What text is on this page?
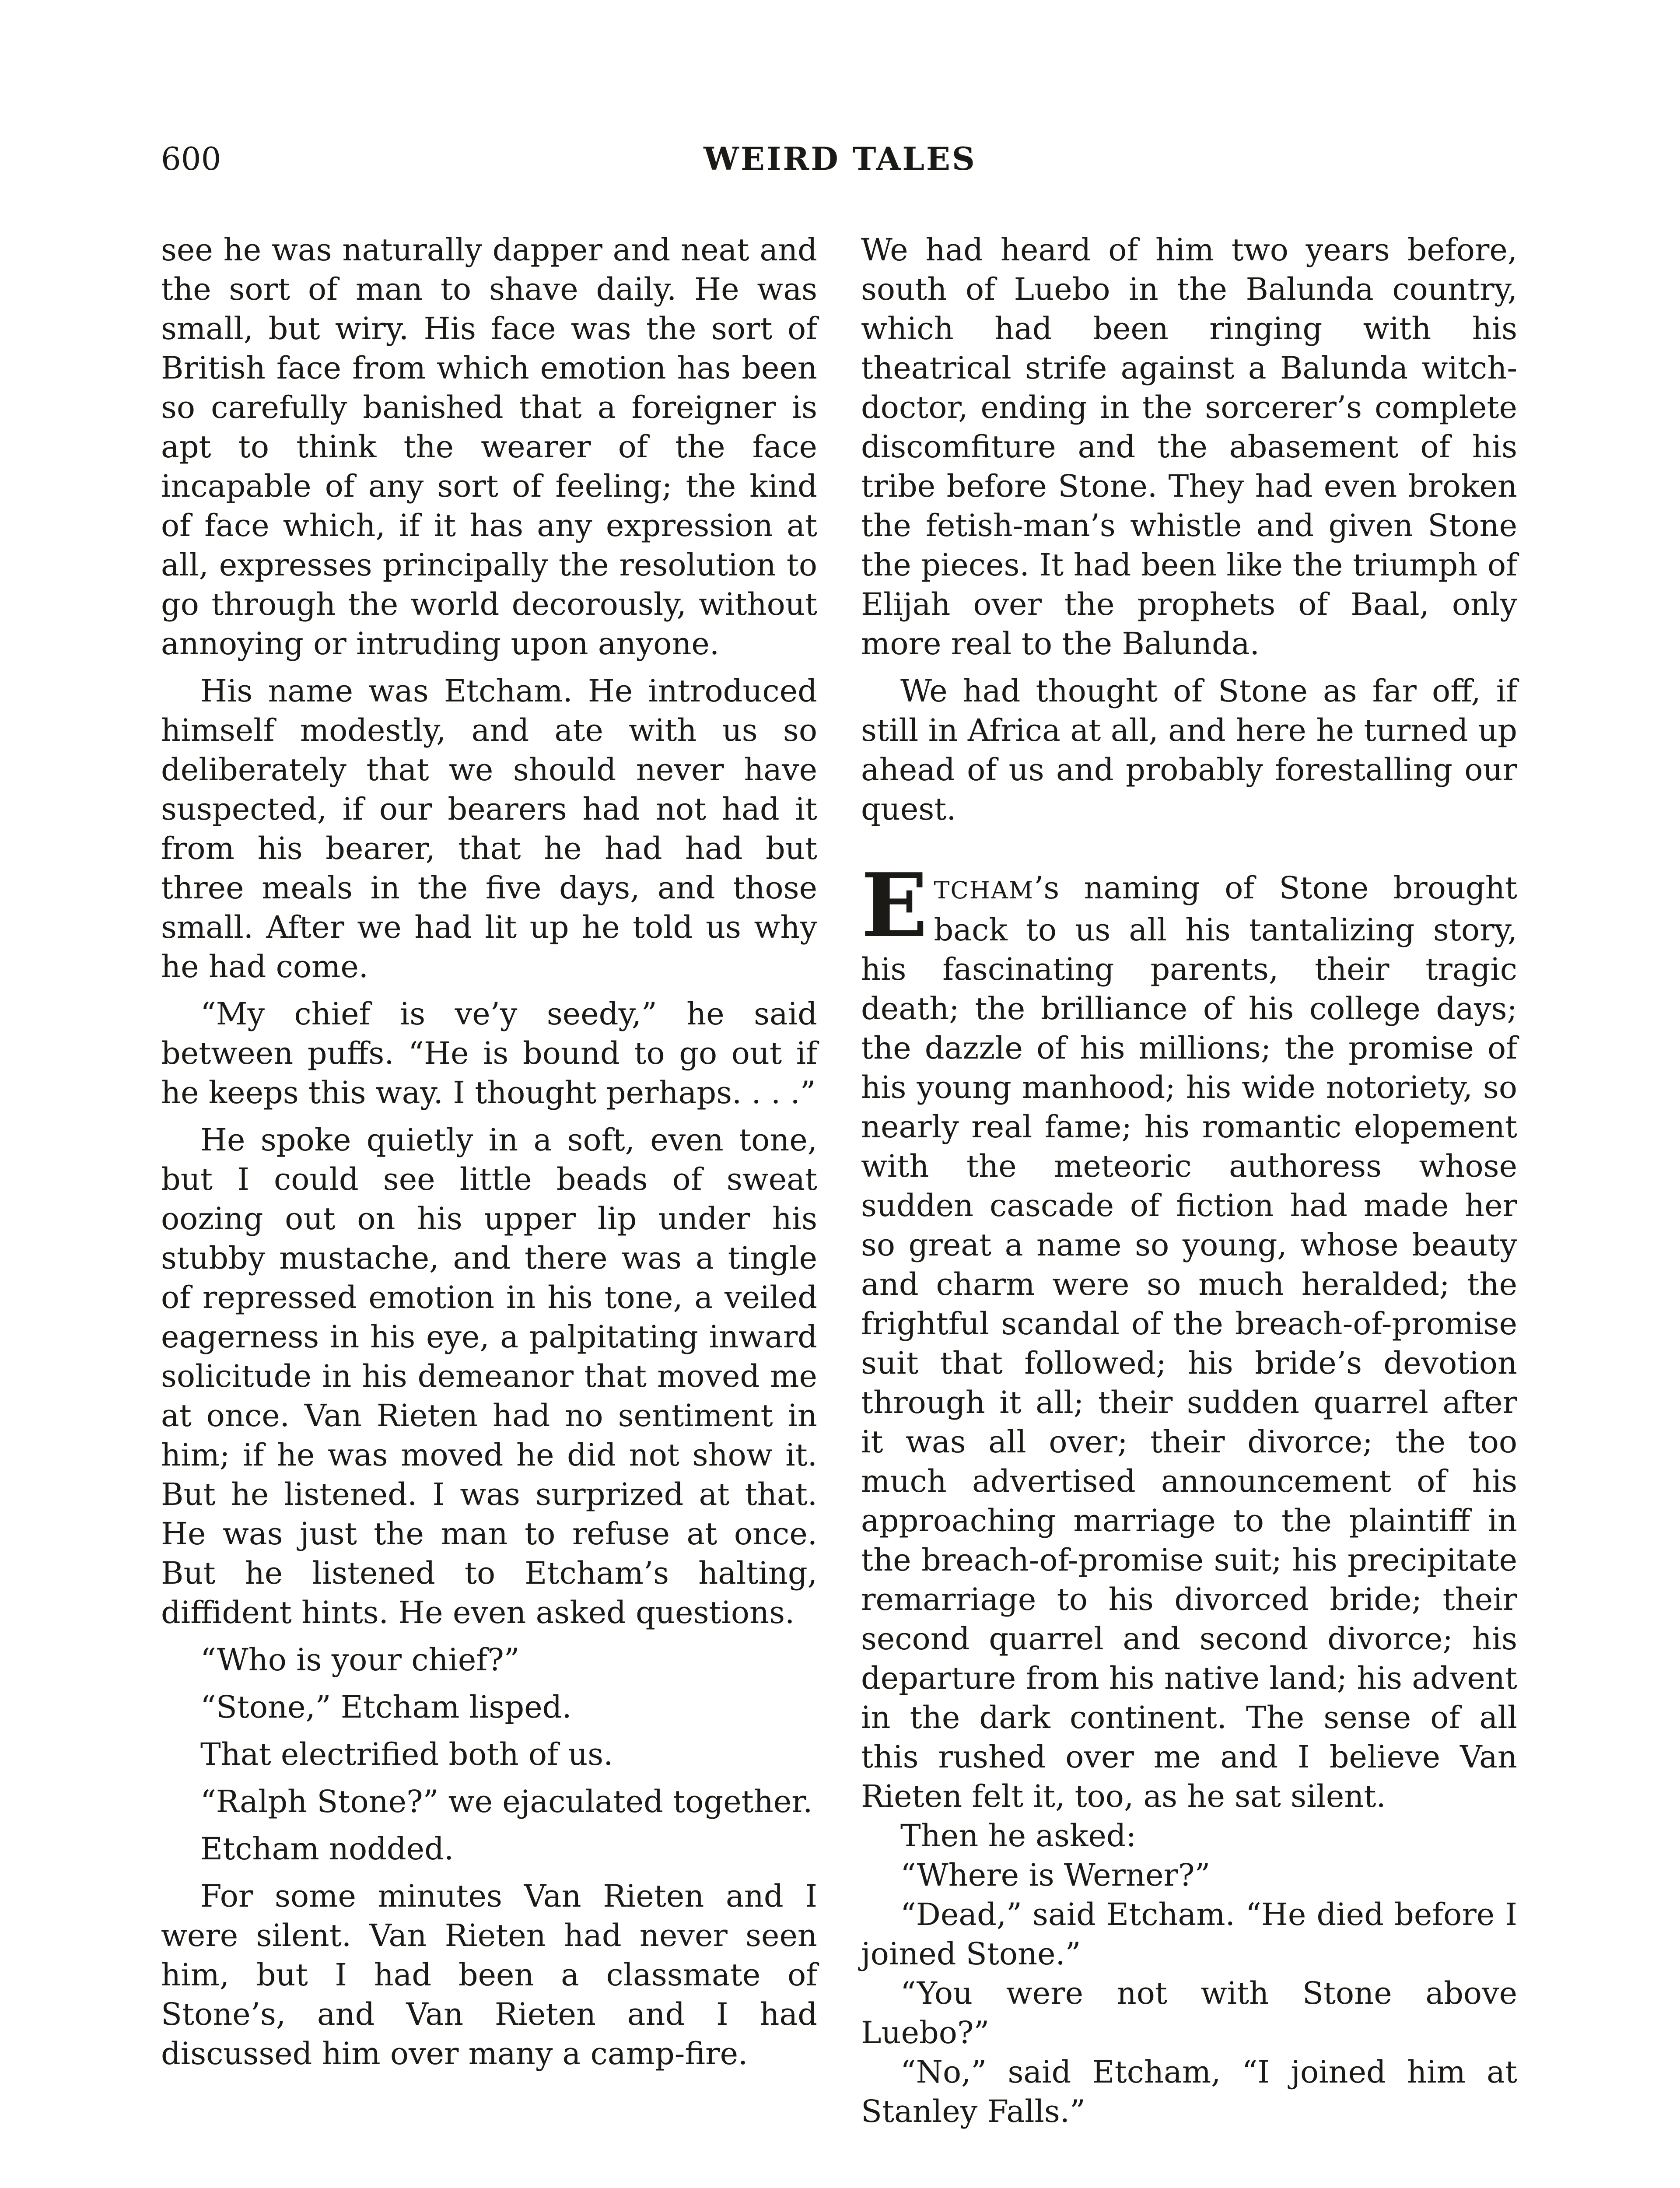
600	WEIRD TALES

see he was naturally dapper and neat and the sort of man to shave daily. He was small, but wiry. His face was the sort of British face from which emotion has been so carefully banished that a foreigner is apt to think the wearer of the face incapable of any sort of feeling; the kind of face which, if it has any expression at all, expresses principally the resolution to go through the world decorously, without annoying or intruding upon anyone.

His name was Etcham. He introduced himself modestly, and ate with us so deliberately that we should never have suspected, if our bearers had not had it from his bearer, that he had had but three meals in the five days, and those small. After we had lit up he told us why he had come.

“My chief is ve’y seedy,” he said between puffs. “He is bound to go out if he keeps this way. I thought perhaps. . . .”

He spoke quietly in a soft, even tone, but I could see little beads of sweat oozing out on his upper lip under his stubby mustache, and there was a tingle of repressed emotion in his tone, a veiled eagerness in his eye, a palpitating inward solicitude in his demeanor that moved me at once. Van Rieten had no sentiment in him; if he was moved he did not show it. But he listened. I was surprized at that. He was just the man to refuse at once. But he listened to Etcham’s halting, diffident hints. He even asked questions.

“Who is your chief?”

“Stone,” Etcham lisped.

That electrified both of us.

“Ralph Stone?” we ejaculated together.

Etcham nodded.

For some minutes Van Rieten and I were silent. Van Rieten had never seen him, but I had been a classmate of Stone’s, and Van Rieten and I had discussed him over many a camp-fire.

We had heard of him two years before, south of Luebo in the Balunda country, which had been ringing with his theatrical strife against a Balunda witch-doctor, ending in the sorcerer’s complete discomfiture and the abasement of his tribe before Stone. They had even broken the fetish-man’s whistle and given Stone the pieces. It had been like the triumph of Elijah over the prophets of Baal, only more real to the Balunda.

We had thought of Stone as far off, if still in Africa at all, and here he turned up ahead of us and probably forestalling our quest.

ETCHAM’s naming of Stone brought back to us all his tantalizing story, his fascinating parents, their tragic death; the brilliance of his college days; the dazzle of his millions; the promise of his young manhood; his wide notoriety, so nearly real fame; his romantic elopement with the meteoric authoress whose sudden cascade of fiction had made her so great a name so young, whose beauty and charm were so much heralded; the frightful scandal of the breach-of-promise suit that followed; his bride’s devotion through it all; their sudden quarrel after it was all over; their divorce; the too much advertised announcement of his approaching marriage to the plaintiff in the breach-of-promise suit; his precipitate remarriage to his divorced bride; their second quarrel and second divorce; his departure from his native land; his advent in the dark continent. The sense of all this rushed over me and I believe Van Rieten felt it, too, as he sat silent.

Then he asked:

“Where is Werner?”

“Dead,” said Etcham. “He died before I joined Stone.”

“You were not with Stone above Luebo?”

“No,” said Etcham, “I joined him at Stanley Falls.”
